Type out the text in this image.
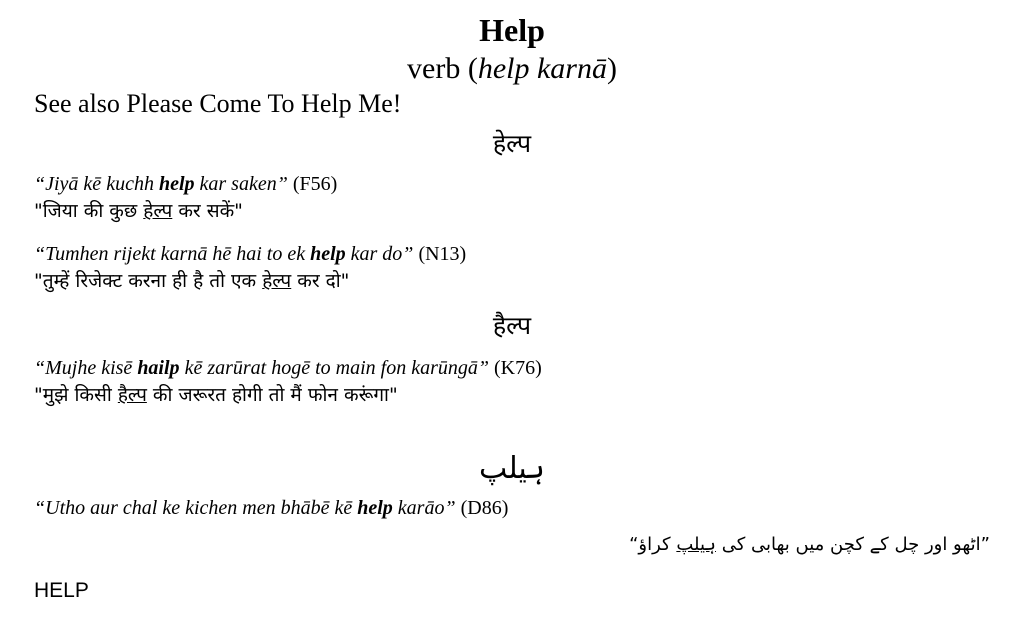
Help
verb (help karnā)
See also Please Come To Help Me!
हेल्प
“Jiyā kē kuchh help kar saken” (F56)
"जिया की कुछ हेल्प कर सकें"
“Tumhen rijekt karnā hē hai to ek help kar do” (N13)
"तुम्हें रिजेक्ट करना ही है तो एक हेल्प कर दो"
हैल्प
“Mujhe kisē hailp kē zarūrat hogē to main fon karūngā” (K76)
"मुझे किसी हैल्प की जरूरत होगी तो मैं फोन करूंगा"
ہیلپ
“Utho aur chal ke kichen men bhābē kē help karāo” (D86)
”اٹھو اور چل کے کچن میں بھابی کی ہیلپ کراؤ“
HELP
